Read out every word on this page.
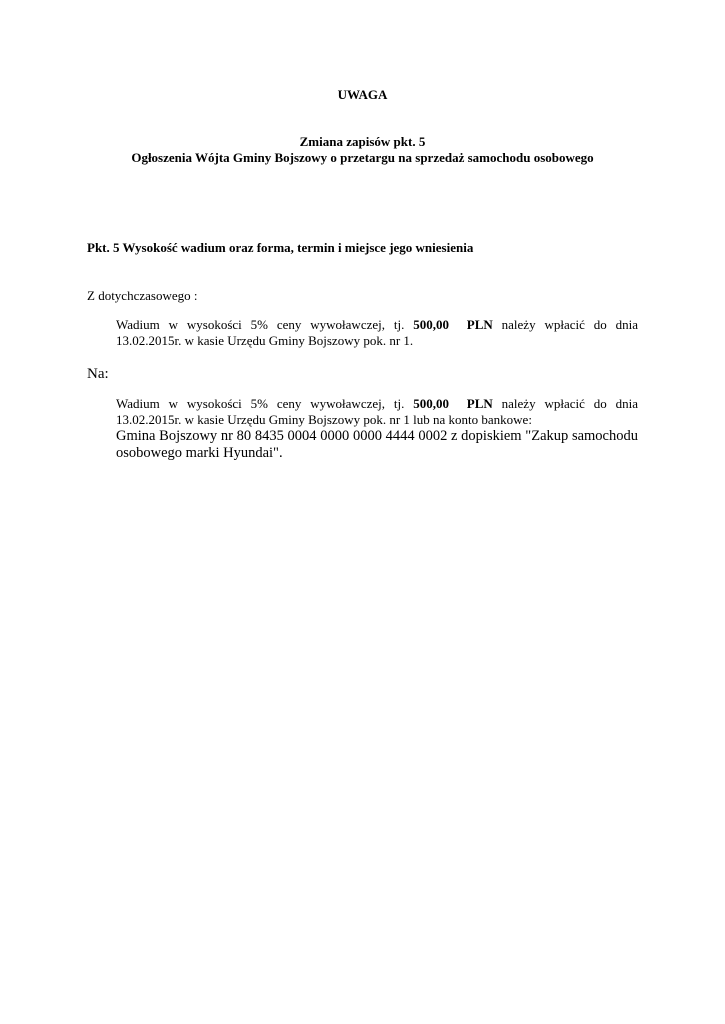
UWAGA
Zmiana zapisów pkt. 5
Ogłoszenia Wójta Gminy Bojszowy o przetargu na sprzedaż samochodu osobowego
Pkt. 5 Wysokość wadium oraz forma, termin i miejsce jego wniesienia
Z dotychczasowego :
Wadium w wysokości 5% ceny wywoławczej, tj. 500,00 PLN należy wpłacić do dnia
13.02.2015r. w kasie Urzędu Gminy Bojszowy pok. nr 1.
Na:
Wadium w wysokości 5% ceny wywoławczej, tj. 500,00 PLN należy wpłacić do dnia
13.02.2015r. w kasie Urzędu Gminy Bojszowy pok. nr 1 lub na konto bankowe:
Gmina Bojszowy nr 80 8435 0004 0000 0000 4444 0002 z dopiskiem "Zakup samochodu
osobowego marki Hyundai".
